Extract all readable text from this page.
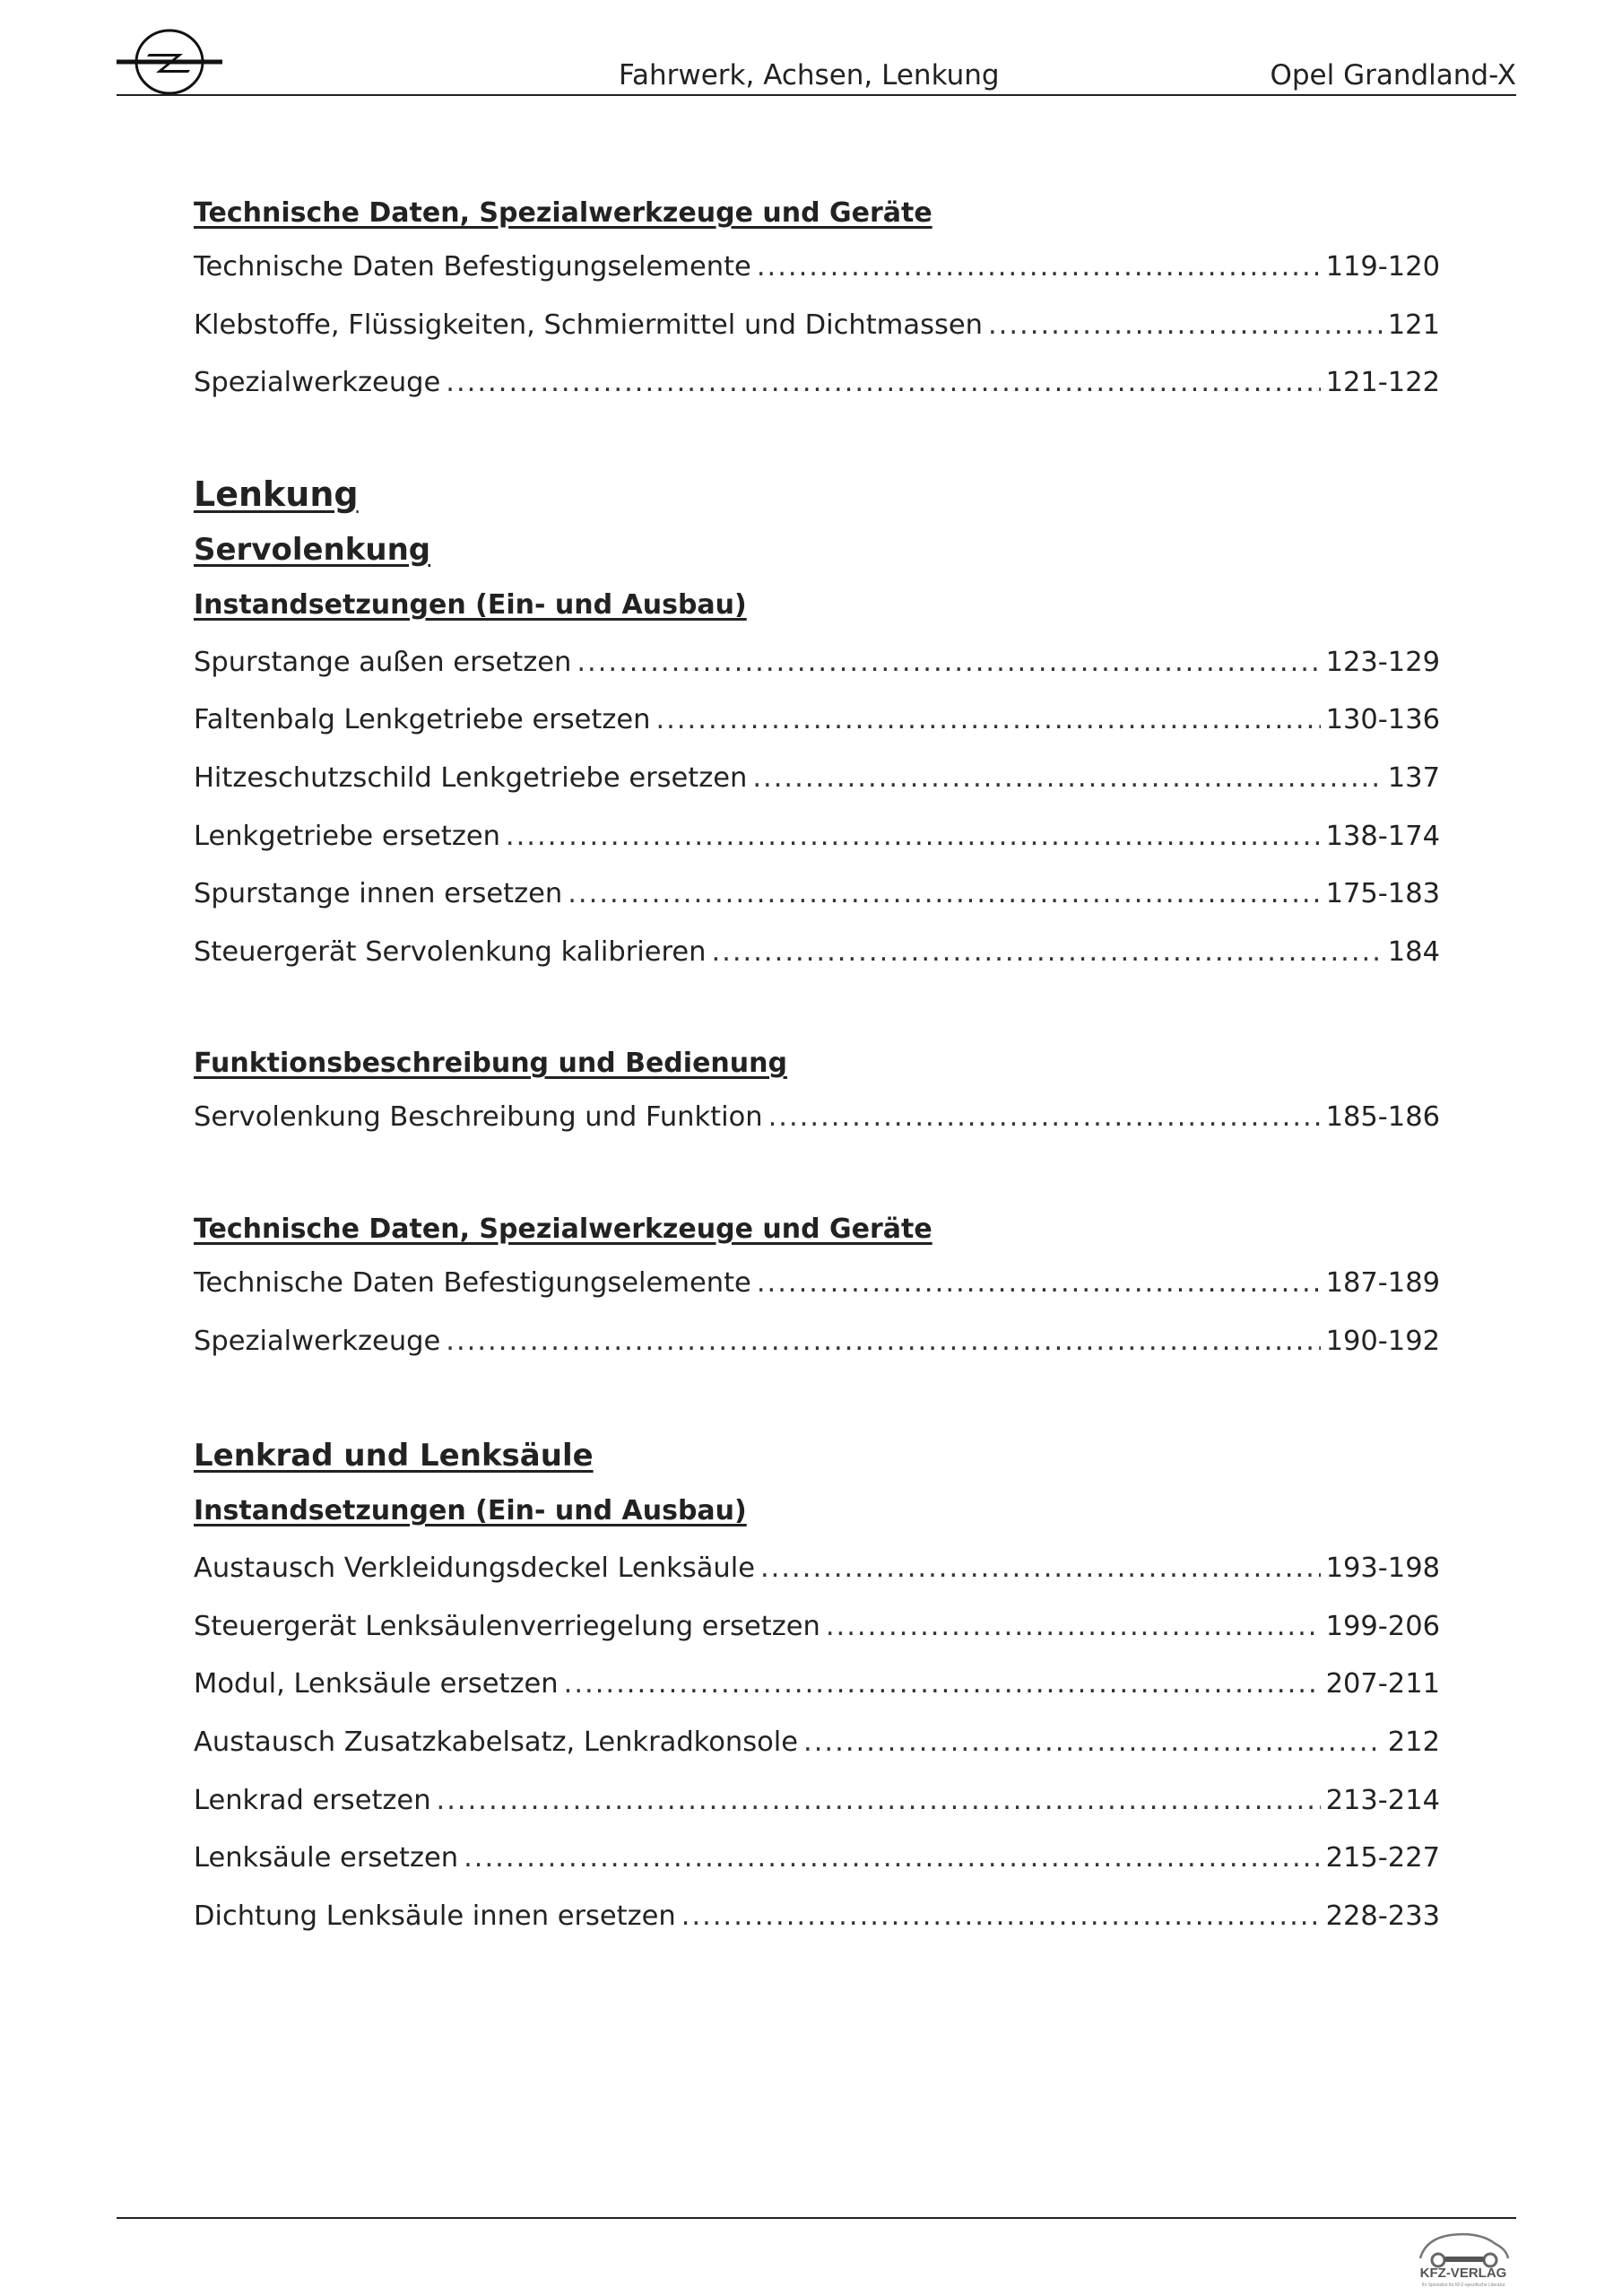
Fahrwerk, Achsen, Lenkung	Opel Grandland-X
Technische Daten, Spezialwerkzeuge und Geräte
Technische Daten Befestigungselemente .....	119-120
Klebstoffe, Flüssigkeiten, Schmiermittel und Dichtmassen .....	121
Spezialwerkzeuge .....	121-122
Lenkung
Servolenkung
Instandsetzungen (Ein- und Ausbau)
Spurstange außen ersetzen .....	123-129
Faltenbalg Lenkgetriebe ersetzen .....	130-136
Hitzeschutzschild Lenkgetriebe ersetzen .....	137
Lenkgetriebe ersetzen .....	138-174
Spurstange innen ersetzen .....	175-183
Steuergerät Servolenkung kalibrieren .....	184
Funktionsbeschreibung und Bedienung
Servolenkung Beschreibung und Funktion .....	185-186
Technische Daten, Spezialwerkzeuge und Geräte
Technische Daten Befestigungselemente .....	187-189
Spezialwerkzeuge .....	190-192
Lenkrad und Lenksäule
Instandsetzungen (Ein- und Ausbau)
Austausch Verkleidungsdeckel Lenksäule .....	193-198
Steuergerät Lenksäulenverriegelung ersetzen .....	199-206
Modul, Lenksäule ersetzen .....	207-211
Austausch Zusatzkabelsatz, Lenkradkonsole .....	212
Lenkrad ersetzen .....	213-214
Lenksäule ersetzen .....	215-227
Dichtung Lenksäule innen ersetzen .....	228-233
KFZ-VERLAG
Ihr Spezialist für KFZ-spezifische Literatur
